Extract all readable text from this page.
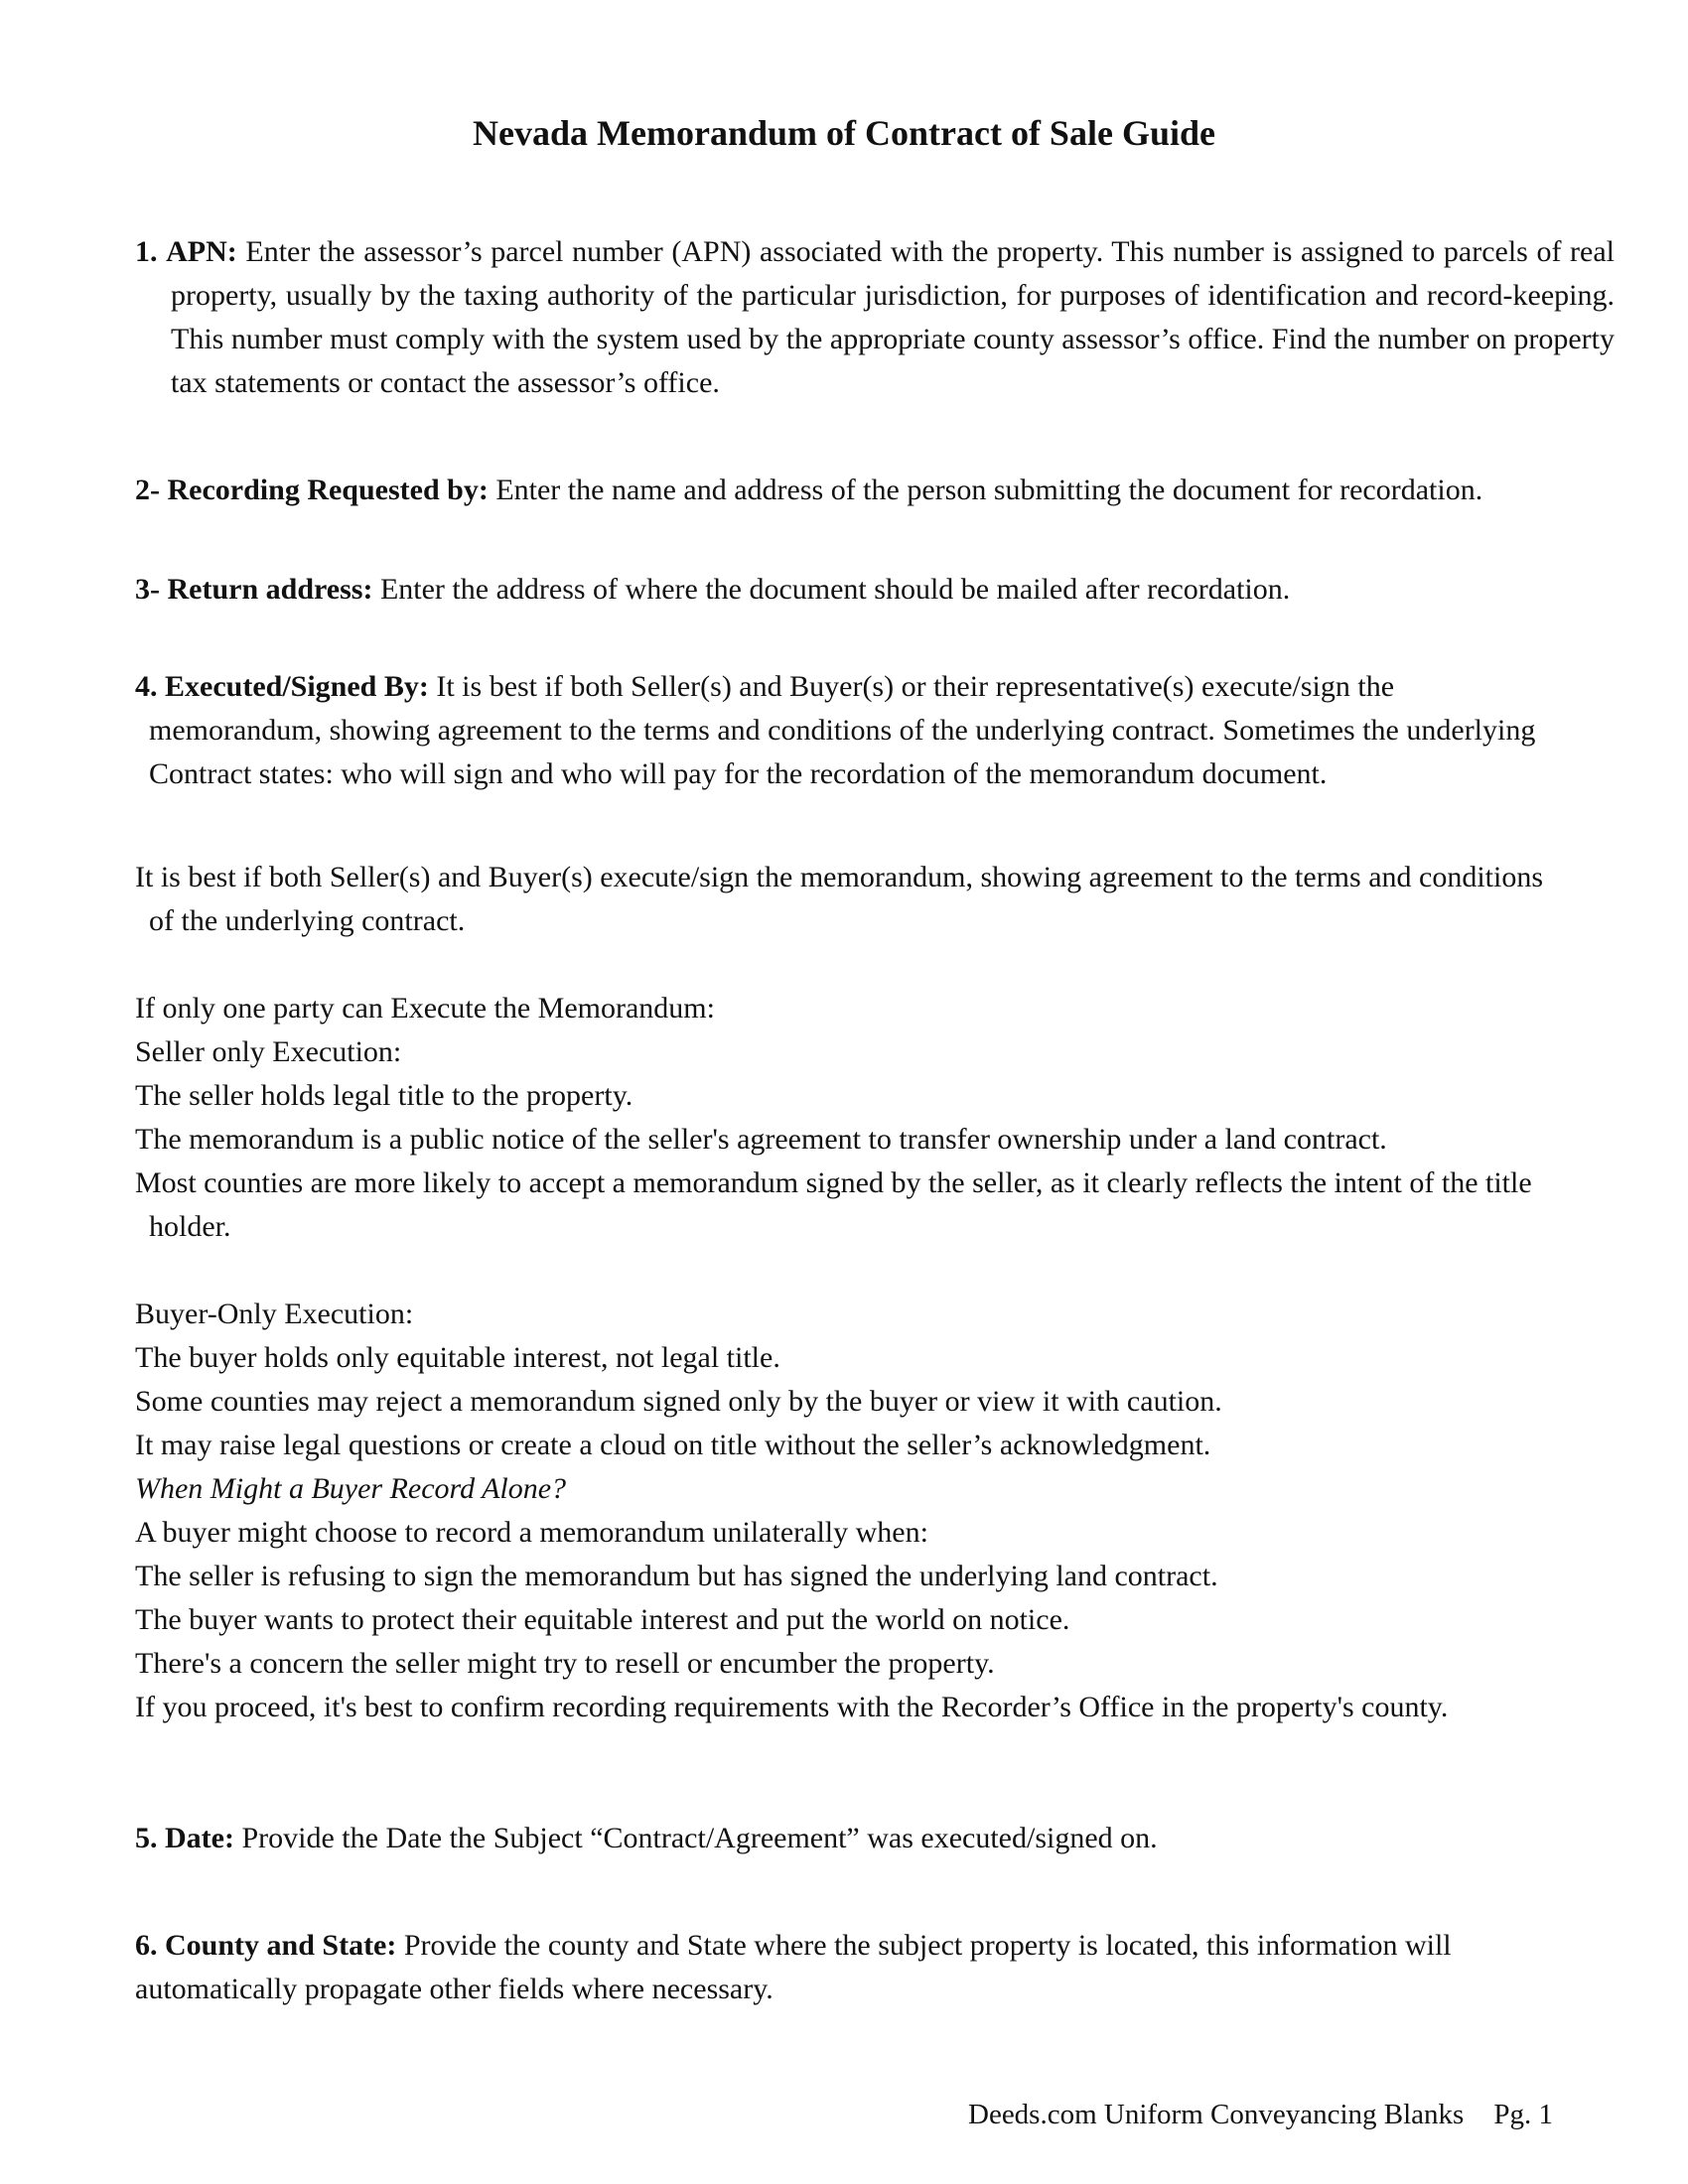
Nevada Memorandum of Contract of Sale Guide
1. APN: Enter the assessor’s parcel number (APN) associated with the property. This number is assigned to parcels of real property, usually by the taxing authority of the particular jurisdiction, for purposes of identification and record-keeping. This number must comply with the system used by the appropriate county assessor’s office. Find the number on property tax statements or contact the assessor’s office.
2- Recording Requested by: Enter the name and address of the person submitting the document for recordation.
3- Return address: Enter the address of where the document should be mailed after recordation.
4. Executed/Signed By: It is best if both Seller(s) and Buyer(s) or their representative(s) execute/sign the memorandum, showing agreement to the terms and conditions of the underlying contract. Sometimes the underlying Contract states: who will sign and who will pay for the recordation of the memorandum document.
It is best if both Seller(s) and Buyer(s) execute/sign the memorandum, showing agreement to the terms and conditions of the underlying contract.
If only one party can Execute the Memorandum:
Seller only Execution:
The seller holds legal title to the property.
The memorandum is a public notice of the seller's agreement to transfer ownership under a land contract.
Most counties are more likely to accept a memorandum signed by the seller, as it clearly reflects the intent of the title holder.
Buyer-Only Execution:
The buyer holds only equitable interest, not legal title.
Some counties may reject a memorandum signed only by the buyer or view it with caution.
It may raise legal questions or create a cloud on title without the seller’s acknowledgment.
When Might a Buyer Record Alone?
A buyer might choose to record a memorandum unilaterally when:
The seller is refusing to sign the memorandum but has signed the underlying land contract.
The buyer wants to protect their equitable interest and put the world on notice.
There's a concern the seller might try to resell or encumber the property.
If you proceed, it's best to confirm recording requirements with the Recorder’s Office in the property's county.
5. Date: Provide the Date the Subject “Contract/Agreement” was executed/signed on.
6. County and State: Provide the county and State where the subject property is located, this information will automatically propagate other fields where necessary.
Deeds.com Uniform Conveyancing Blanks Pg. 1
